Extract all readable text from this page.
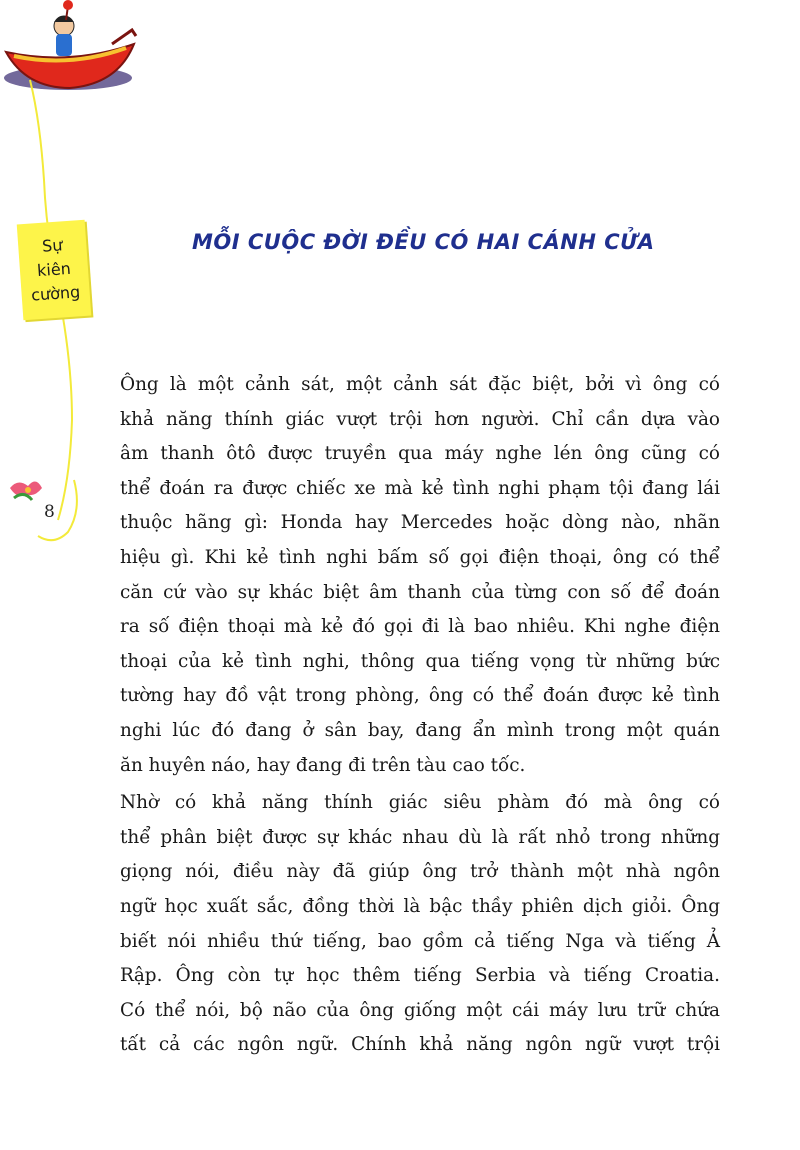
Sự
kiên
cường
8
MỖI CUỘC ĐỜI ĐỀU CÓ HAI CÁNH CỬA
Ông là một cảnh sát, một cảnh sát đặc biệt, bởi vì ông có
khả năng thính giác vượt trội hơn người. Chỉ cần dựa vào
âm thanh ôtô được truyền qua máy nghe lén ông cũng có
thể đoán ra được chiếc xe mà kẻ tình nghi phạm tội đang lái
thuộc hãng gì: Honda hay Mercedes hoặc dòng nào, nhãn
hiệu gì. Khi kẻ tình nghi bấm số gọi điện thoại, ông có thể
căn cứ vào sự khác biệt âm thanh của từng con số để đoán
ra số điện thoại mà kẻ đó gọi đi là bao nhiêu. Khi nghe điện
thoại của kẻ tình nghi, thông qua tiếng vọng từ những bức
tường hay đồ vật trong phòng, ông có thể đoán được kẻ tình
nghi lúc đó đang ở sân bay, đang ẩn mình trong một quán
ăn huyên náo, hay đang đi trên tàu cao tốc.
Nhờ có khả năng thính giác siêu phàm đó mà ông có
thể phân biệt được sự khác nhau dù là rất nhỏ trong những
giọng nói, điều này đã giúp ông trở thành một nhà ngôn
ngữ học xuất sắc, đồng thời là bậc thầy phiên dịch giỏi. Ông
biết nói nhiều thứ tiếng, bao gồm cả tiếng Nga và tiếng Ả
Rập. Ông còn tự học thêm tiếng Serbia và tiếng Croatia.
Có thể nói, bộ não của ông giống một cái máy lưu trữ chứa
tất cả các ngôn ngữ. Chính khả năng ngôn ngữ vượt trội
